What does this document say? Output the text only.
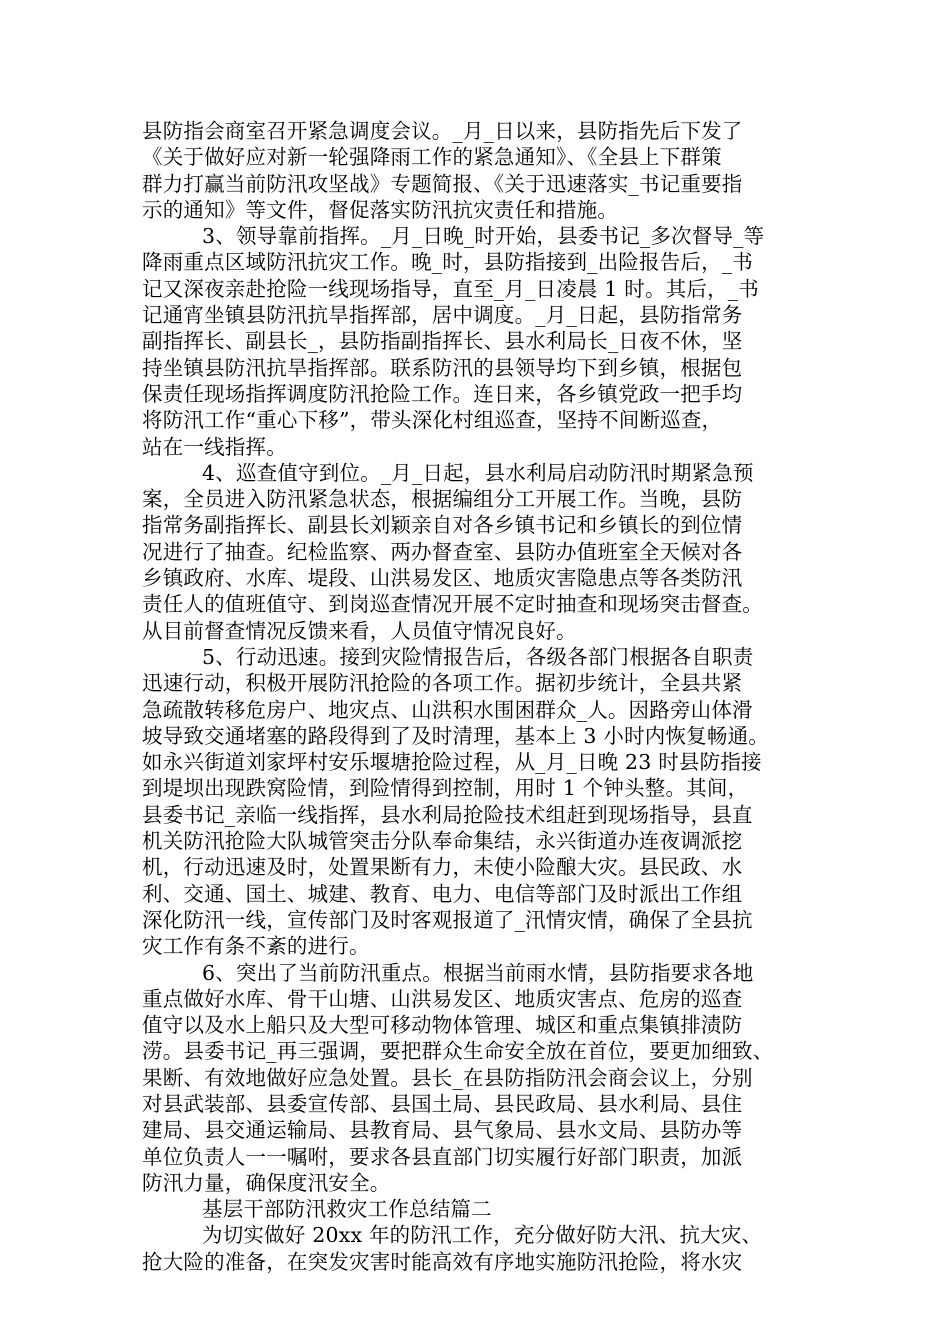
县防指会商室召开紧急调度会议。_月_日以来，县防指先后下发了
《关于做好应对新一轮强降雨工作的紧急通知》、《全县上下群策
群力打赢当前防汛攻坚战》专题简报、《关于迅速落实_书记重要指
示的通知》等文件，督促落实防汛抗灾责任和措施。
3、领导靠前指挥。_月_日晚_时开始，县委书记_多次督导_等
降雨重点区域防汛抗灾工作。晚_时，县防指接到_出险报告后，_书
记又深夜亲赴抢险一线现场指导，直至_月_日凌晨 1 时。其后，_书
记通宵坐镇县防汛抗旱指挥部，居中调度。_月_日起，县防指常务
副指挥长、副县长_，县防指副指挥长、县水利局长_日夜不休，坚
持坐镇县防汛抗旱指挥部。联系防汛的县领导均下到乡镇，根据包
保责任现场指挥调度防汛抢险工作。连日来，各乡镇党政一把手均
将防汛工作“重心下移”，带头深化村组巡查，坚持不间断巡查，
站在一线指挥。
4、巡查值守到位。_月_日起，县水利局启动防汛时期紧急预
案，全员进入防汛紧急状态，根据编组分工开展工作。当晚，县防
指常务副指挥长、副县长刘颖亲自对各乡镇书记和乡镇长的到位情
况进行了抽查。纪检监察、两办督查室、县防办值班室全天候对各
乡镇政府、水库、堤段、山洪易发区、地质灾害隐患点等各类防汛
责任人的值班值守、到岗巡查情况开展不定时抽查和现场突击督查。
从目前督查情况反馈来看，人员值守情况良好。
5、行动迅速。接到灾险情报告后，各级各部门根据各自职责
迅速行动，积极开展防汛抢险的各项工作。据初步统计，全县共紧
急疏散转移危房户、地灾点、山洪积水围困群众_人。因路旁山体滑
坡导致交通堵塞的路段得到了及时清理，基本上 3 小时内恢复畅通。
如永兴街道刘家坪村安乐堰塘抢险过程，从_月_日晚 23 时县防指接
到堤坝出现跌窝险情，到险情得到控制，用时 1 个钟头整。其间，
县委书记_亲临一线指挥，县水利局抢险技术组赶到现场指导，县直
机关防汛抢险大队城管突击分队奉命集结，永兴街道办连夜调派挖
机，行动迅速及时，处置果断有力，未使小险酿大灾。县民政、水
利、交通、国土、城建、教育、电力、电信等部门及时派出工作组
深化防汛一线，宣传部门及时客观报道了_汛情灾情，确保了全县抗
灾工作有条不紊的进行。
6、突出了当前防汛重点。根据当前雨水情，县防指要求各地
重点做好水库、骨干山塘、山洪易发区、地质灾害点、危房的巡查
值守以及水上船只及大型可移动物体管理、城区和重点集镇排渍防
涝。县委书记_再三强调，要把群众生命安全放在首位，要更加细致、
果断、有效地做好应急处置。县长_在县防指防汛会商会议上，分别
对县武装部、县委宣传部、县国土局、县民政局、县水利局、县住
建局、县交通运输局、县教育局、县气象局、县水文局、县防办等
单位负责人一一嘱咐，要求各县直部门切实履行好部门职责，加派
防汛力量，确保度汛安全。
基层干部防汛救灾工作总结篇二
为切实做好 20xx 年的防汛工作，充分做好防大汛、抗大灾、
抢大险的准备，在突发灾害时能高效有序地实施防汛抢险，将水灾
